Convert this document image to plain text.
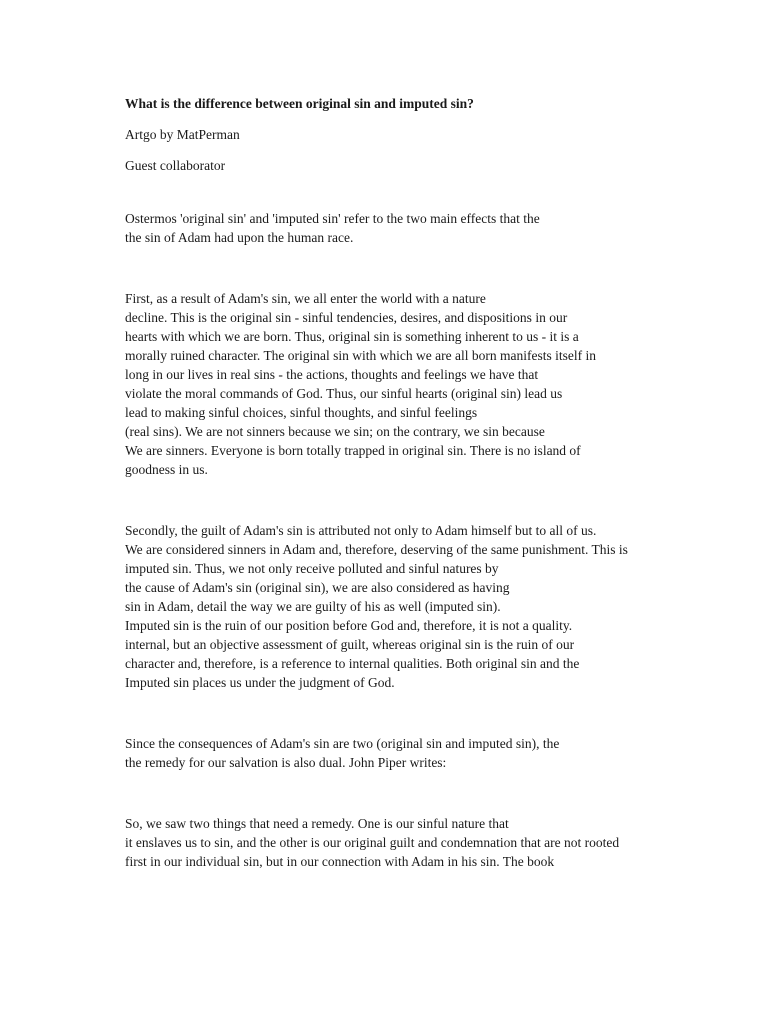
What is the difference between original sin and imputed sin?

Artgo by MatPerman

Guest collaborator

Ostermos 'original sin' and 'imputed sin' refer to the two main effects that the
the sin of Adam had upon the human race.

First, as a result of Adam's sin, we all enter the world with a nature
decline. This is the original sin - sinful tendencies, desires, and dispositions in our
hearts with which we are born. Thus, original sin is something inherent to us - it is a
morally ruined character. The original sin with which we are all born manifests itself in
long in our lives in real sins - the actions, thoughts and feelings we have that
violate the moral commands of God. Thus, our sinful hearts (original sin) lead us
lead to making sinful choices, sinful thoughts, and sinful feelings
(real sins). We are not sinners because we sin; on the contrary, we sin because
We are sinners. Everyone is born totally trapped in original sin. There is no island of
goodness in us.

Secondly, the guilt of Adam's sin is attributed not only to Adam himself but to all of us.
We are considered sinners in Adam and, therefore, deserving of the same punishment. This is
imputed sin. Thus, we not only receive polluted and sinful natures by
the cause of Adam's sin (original sin), we are also considered as having
sin in Adam, detail the way we are guilty of his as well (imputed sin).
Imputed sin is the ruin of our position before God and, therefore, it is not a quality.
internal, but an objective assessment of guilt, whereas original sin is the ruin of our
character and, therefore, is a reference to internal qualities. Both original sin and the
Imputed sin places us under the judgment of God.

Since the consequences of Adam's sin are two (original sin and imputed sin), the
the remedy for our salvation is also dual. John Piper writes:

So, we saw two things that need a remedy. One is our sinful nature that
it enslaves us to sin, and the other is our original guilt and condemnation that are not rooted
first in our individual sin, but in our connection with Adam in his sin. The book
